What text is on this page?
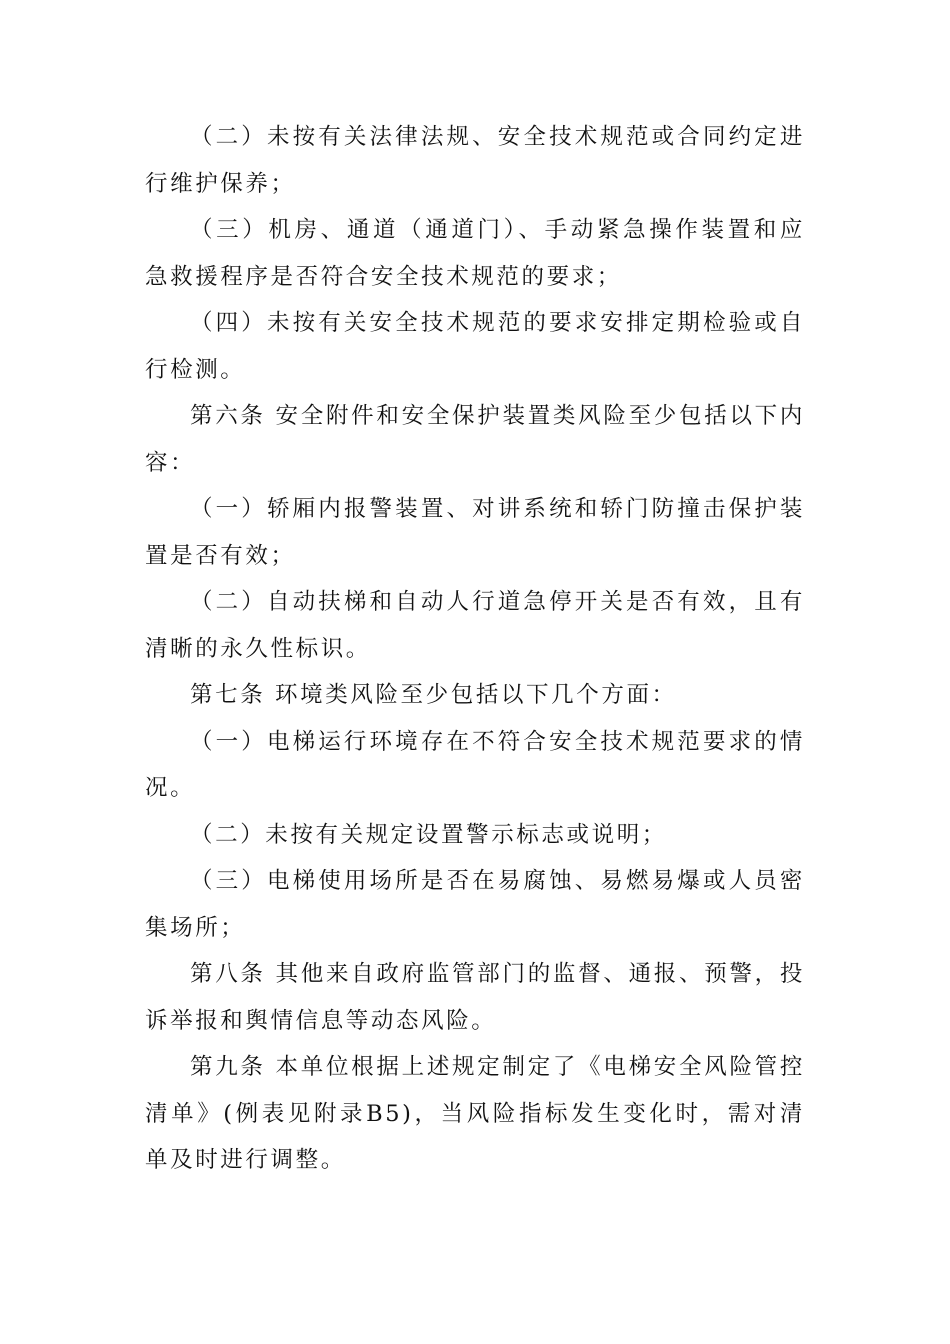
（二）未按有关法律法规、安全技术规范或合同约定进行维护保养；

（三）机房、通道（通道门）、手动紧急操作装置和应急救援程序是否符合安全技术规范的要求；

（四）未按有关安全技术规范的要求安排定期检验或自行检测。

第六条 安全附件和安全保护装置类风险至少包括以下内容：

（一）轿厢内报警装置、对讲系统和轿门防撞击保护装置是否有效；

（二）自动扶梯和自动人行道急停开关是否有效，且有清晰的永久性标识。

第七条 环境类风险至少包括以下几个方面：

（一）电梯运行环境存在不符合安全技术规范要求的情况。

（二）未按有关规定设置警示标志或说明；

（三）电梯使用场所是否在易腐蚀、易燃易爆或人员密集场所；

第八条 其他来自政府监管部门的监督、通报、预警，投诉举报和舆情信息等动态风险。

第九条 本单位根据上述规定制定了《电梯安全风险管控清单》(例表见附录B5)，当风险指标发生变化时，需对清单及时进行调整。
